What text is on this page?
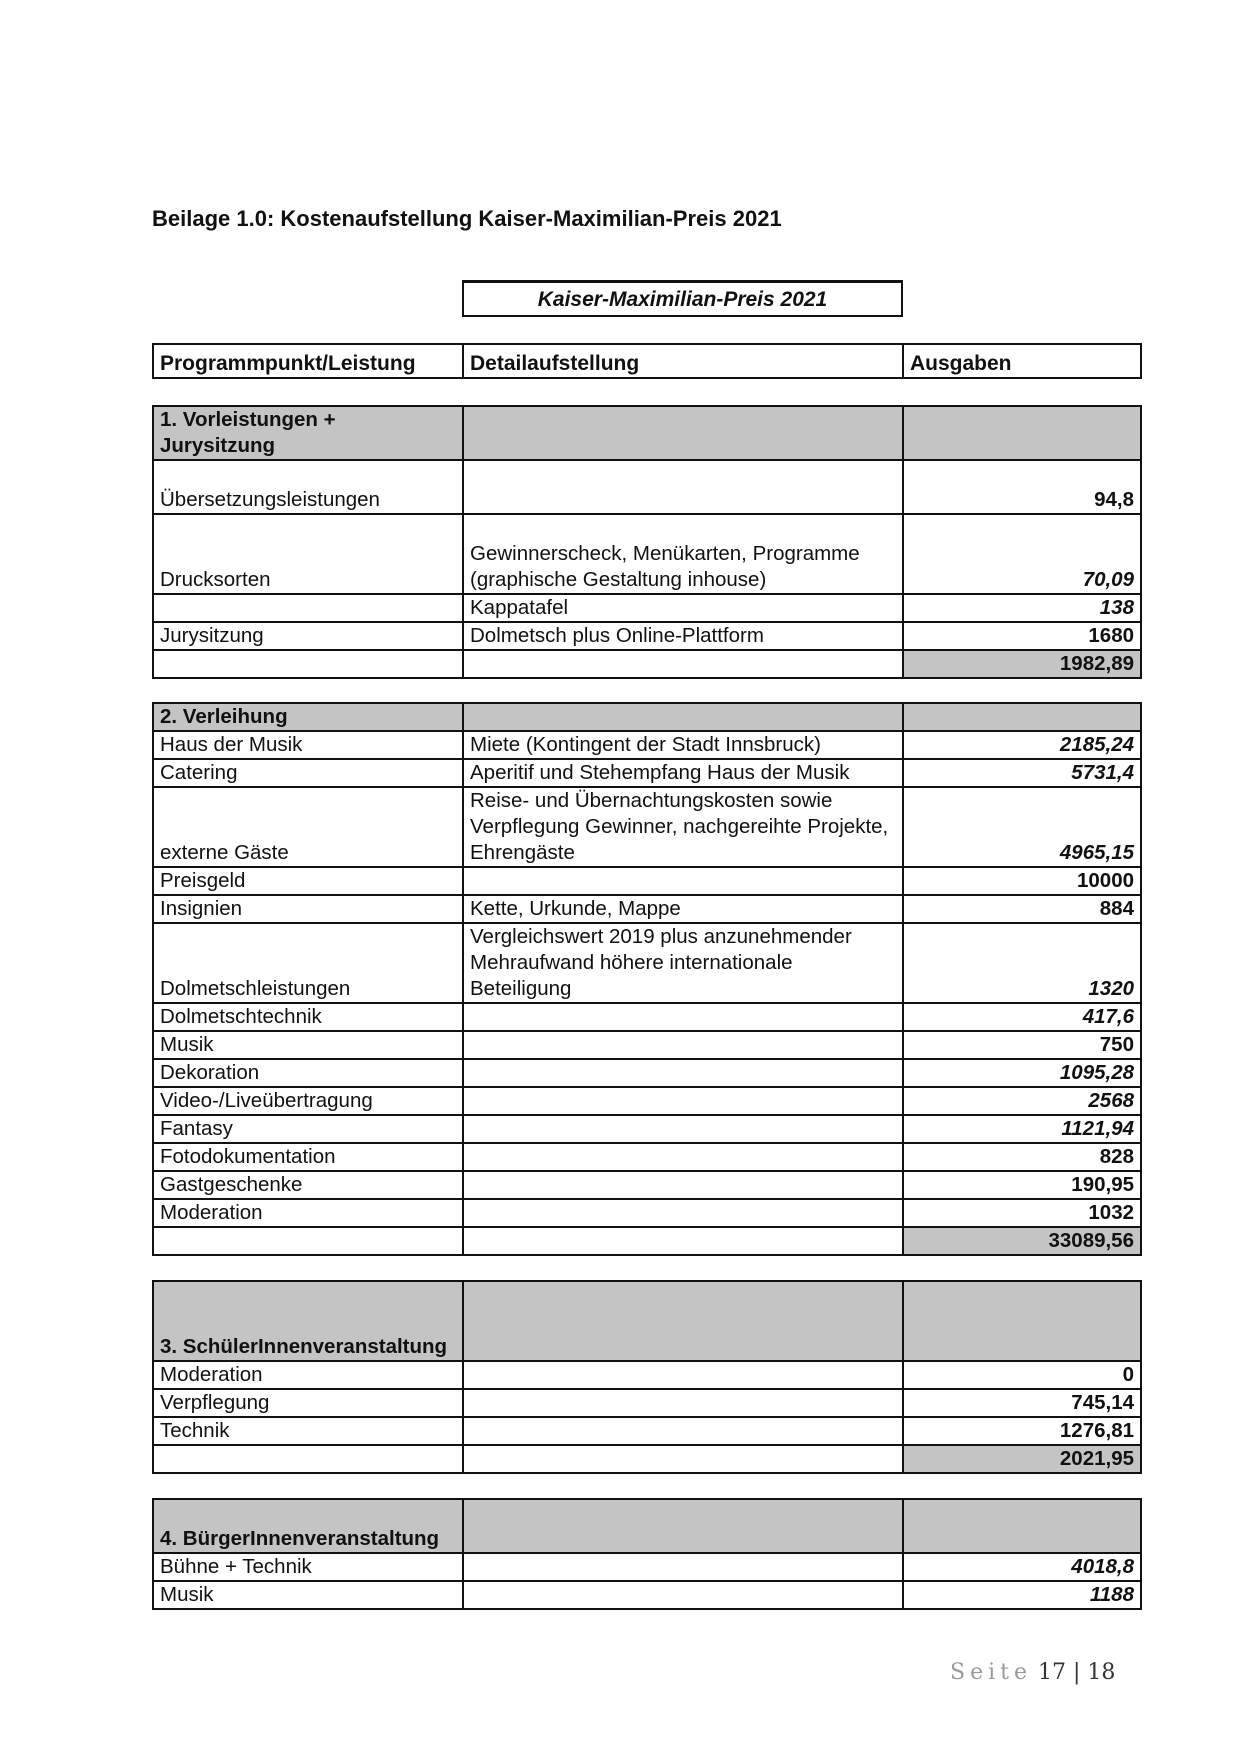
Beilage 1.0: Kostenaufstellung Kaiser-Maximilian-Preis 2021
Kaiser-Maximilian-Preis 2021
Programmpunkt/Leistung	Detailaufstellung	Ausgaben
1. Vorleistungen + Jurysitzung		
Übersetzungsleistungen		94,8
Drucksorten	Gewinnerscheck, Menükarten, Programme (graphische Gestaltung inhouse)	70,09
	Kappatafel	138
Jurysitzung	Dolmetsch plus Online-Plattform	1680
		1982,89
2. Verleihung		
Haus der Musik	Miete (Kontingent der Stadt Innsbruck)	2185,24
Catering	Aperitif und Stehempfang Haus der Musik	5731,4
externe Gäste	Reise- und Übernachtungskosten sowie Verpflegung Gewinner, nachgereihte Projekte, Ehrengäste	4965,15
Preisgeld		10000
Insignien	Kette, Urkunde, Mappe	884
Dolmetschleistungen	Vergleichswert 2019 plus anzunehmender Mehraufwand höhere internationale Beteiligung	1320
Dolmetschtechnik		417,6
Musik		750
Dekoration		1095,28
Video-/Liveübertragung		2568
Fantasy		1121,94
Fotodokumentation		828
Gastgeschenke		190,95
Moderation		1032
		33089,56
3. SchülerInnenveranstaltung		
Moderation		0
Verpflegung		745,14
Technik		1276,81
		2021,95
4. BürgerInnenveranstaltung		
Bühne + Technik		4018,8
Musik		1188
Seite 17 | 18
